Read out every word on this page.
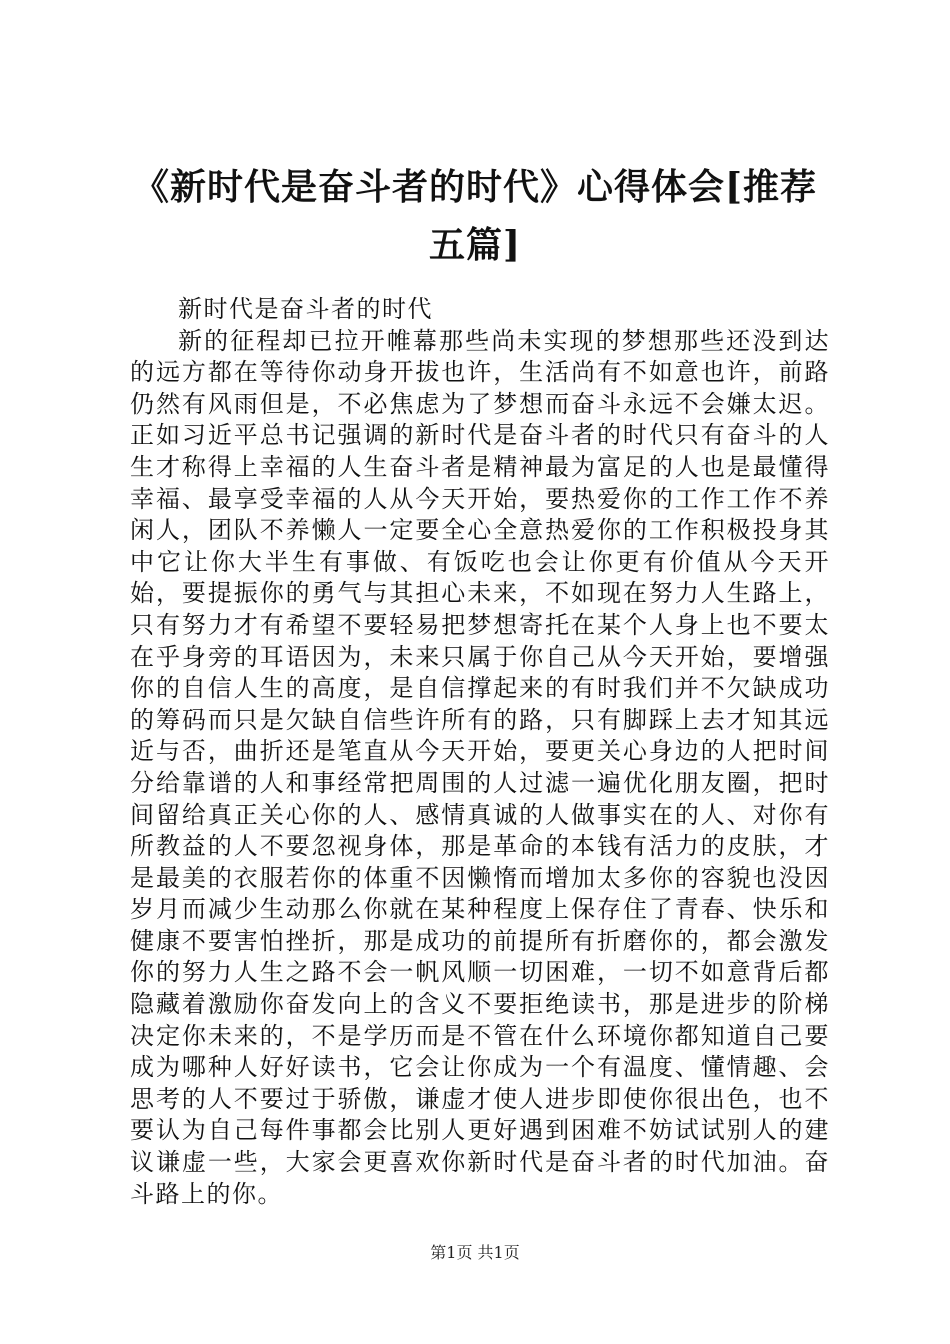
《新时代是奋斗者的时代》心得体会[推荐五篇]

新时代是奋斗者的时代

新的征程却已拉开帷幕那些尚未实现的梦想那些还没到达的远方都在等待你动身开拔也许，生活尚有不如意也许，前路仍然有风雨但是，不必焦虑为了梦想而奋斗永远不会嫌太迟。正如习近平总书记强调的新时代是奋斗者的时代只有奋斗的人生才称得上幸福的人生奋斗者是精神最为富足的人也是最懂得幸福、最享受幸福的人从今天开始，要热爱你的工作工作不养闲人，团队不养懒人一定要全心全意热爱你的工作积极投身其中它让你大半生有事做、有饭吃也会让你更有价值从今天开始，要提振你的勇气与其担心未来，不如现在努力人生路上，只有努力才有希望不要轻易把梦想寄托在某个人身上也不要太在乎身旁的耳语因为，未来只属于你自己从今天开始，要增强你的自信人生的高度，是自信撑起来的有时我们并不欠缺成功的筹码而只是欠缺自信些许所有的路，只有脚踩上去才知其远近与否，曲折还是笔直从今天开始，要更关心身边的人把时间分给靠谱的人和事经常把周围的人过滤一遍优化朋友圈，把时间留给真正关心你的人、感情真诚的人做事实在的人、对你有所教益的人不要忽视身体，那是革命的本钱有活力的皮肤，才是最美的衣服若你的体重不因懒惰而增加太多你的容貌也没因岁月而减少生动那么你就在某种程度上保存住了青春、快乐和健康不要害怕挫折，那是成功的前提所有折磨你的，都会激发你的努力人生之路不会一帆风顺一切困难，一切不如意背后都隐藏着激励你奋发向上的含义不要拒绝读书，那是进步的阶梯决定你未来的，不是学历而是不管在什么环境你都知道自己要成为哪种人好好读书，它会让你成为一个有温度、懂情趣、会思考的人不要过于骄傲，谦虚才使人进步即使你很出色，也不要认为自己每件事都会比别人更好遇到困难不妨试试别人的建议谦虚一些，大家会更喜欢你新时代是奋斗者的时代加油。奋斗路上的你。

第1页 共1页
